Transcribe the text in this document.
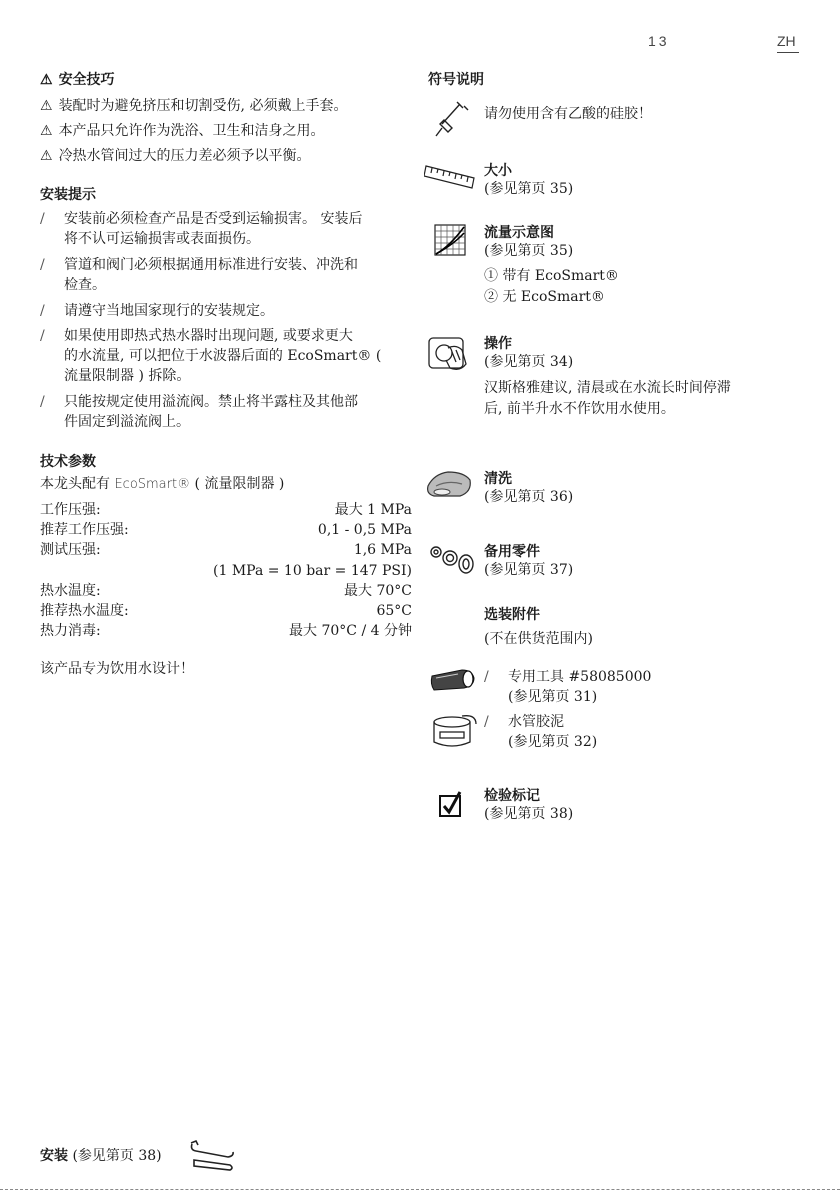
13	ZH
⚠ 安全技巧
⚠ 装配时为避免挤压和切割受伤, 必须戴上手套。
⚠ 本产品只允许作为洗浴、卫生和洁身之用。
⚠ 冷热水管间过大的压力差必须予以平衡。
安装提示
/ 安装前必须检查产品是否受到运输损害。 安装后
将不认可运输损害或表面损伤。
/ 管道和阀门必须根据通用标准进行安装、冲洗和
检查。
/ 请遵守当地国家现行的安装规定。
/ 如果使用即热式热水器时出现问题, 或要求更大
的水流量, 可以把位于水波器后面的 EcoSmart® (
流量限制器 ) 拆除。
/ 只能按规定使用溢流阀。禁止将半露柱及其他部
件固定到溢流阀上。
技术参数
本龙头配有 EcoSmart® ( 流量限制器 )
工作压强:	最大 1 MPa
推荐工作压强:	0,1 - 0,5 MPa
测试压强:	1,6 MPa
(1 MPa = 10 bar = 147 PSI)
热水温度:	最大 70°C
推荐热水温度:	65°C
热力消毒:	最大 70°C / 4 分钟
该产品专为饮用水设计！
安装 (参见第页 38)
符号说明
请勿使用含有乙酸的硅胶！
大小
(参见第页 35)
流量示意图
(参见第页 35)
① 带有 EcoSmart®
② 无 EcoSmart®
操作
(参见第页 34)
汉斯格雅建议, 清晨或在水流长时间停滞
后, 前半升水不作饮用水使用。
清洗
(参见第页 36)
备用零件
(参见第页 37)
选装附件
(不在供货范围内)
/ 专用工具 #58085000
(参见第页 31)
/ 水管胶泥
(参见第页 32)
检验标记
(参见第页 38)
